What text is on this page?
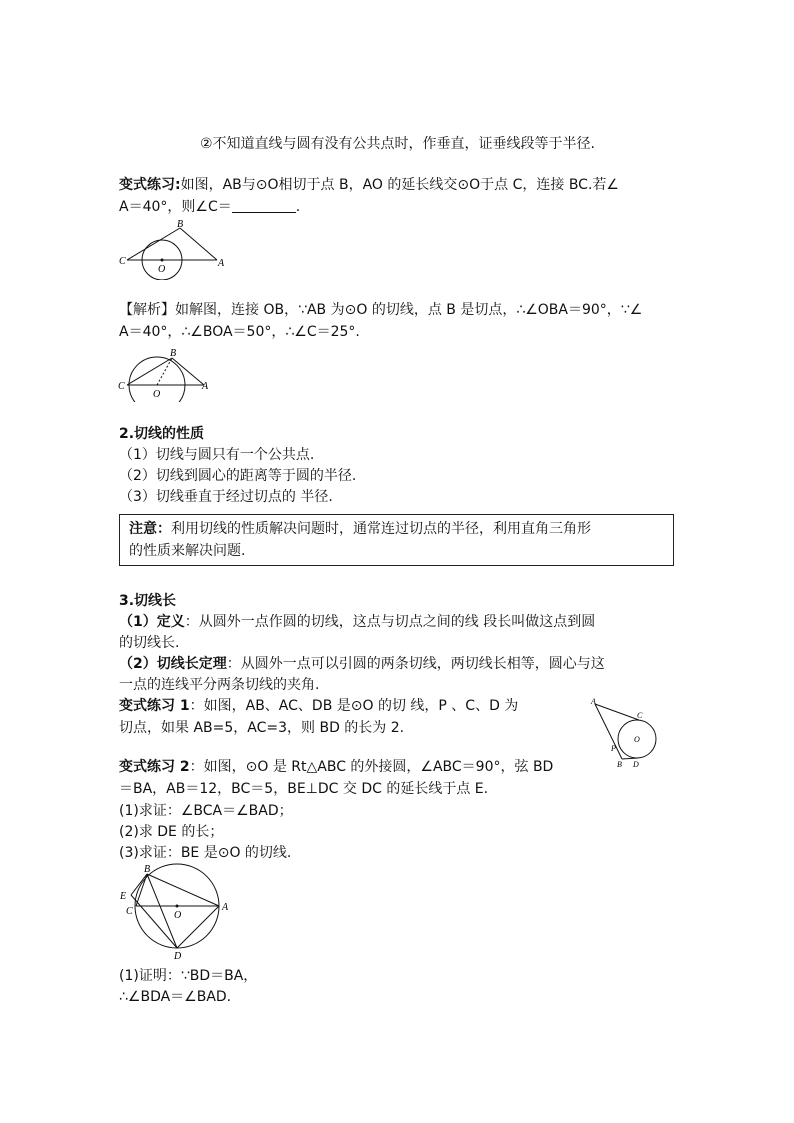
②不知道直线与圆有没有公共点时，作垂直，证垂线段等于半径.
变式练习:如图，AB与⊙O相切于点 B，AO 的延长线交⊙O于点 C，连接 BC.若∠
A＝40°，则∠C＝	.
B
C
O
A
【解析】如解图，连接 OB，∵AB 为⊙O 的切线，点 B 是切点，∴∠OBA＝90°，∵∠
A＝40°，∴∠BOA＝50°，∴∠C＝25°.
B
C
O
A
2.切线的性质
（1）切线与圆只有一个公共点.
（2）切线到圆心的距离等于圆的半径.
（3）切线垂直于经过切点的 半径.
注意：利用切线的性质解决问题时，通常连过切点的半径，利用直角三角形
的性质来解决问题.
3.切线长
（1）定义：从圆外一点作圆的切线，这点与切点之间的线 段长叫做这点到圆
的切线长.
（2）切线长定理：从圆外一点可以引圆的两条切线，两切线长相等，圆心与这
一点的连线平分两条切线的夹角.
变式练习 1：如图，AB、AC、DB 是⊙O 的切 线，P 、C、D 为
切点，如果 AB=5，AC=3，则 BD 的长为 2.
A
C
O
P
B D
变式练习 2：如图，⊙O 是 Rt△ABC 的外接圆，∠ABC＝90°，弦 BD
＝BA，AB＝12，BC＝5，BE⊥DC 交 DC 的延长线于点 E.
(1)求证：∠BCA＝∠BAD；
(2)求 DE 的长；
(3)求证：BE 是⊙O 的切线.
B
E
C	O
A
D
(1)证明：∵BD＝BA，
∴∠BDA＝∠BAD.
